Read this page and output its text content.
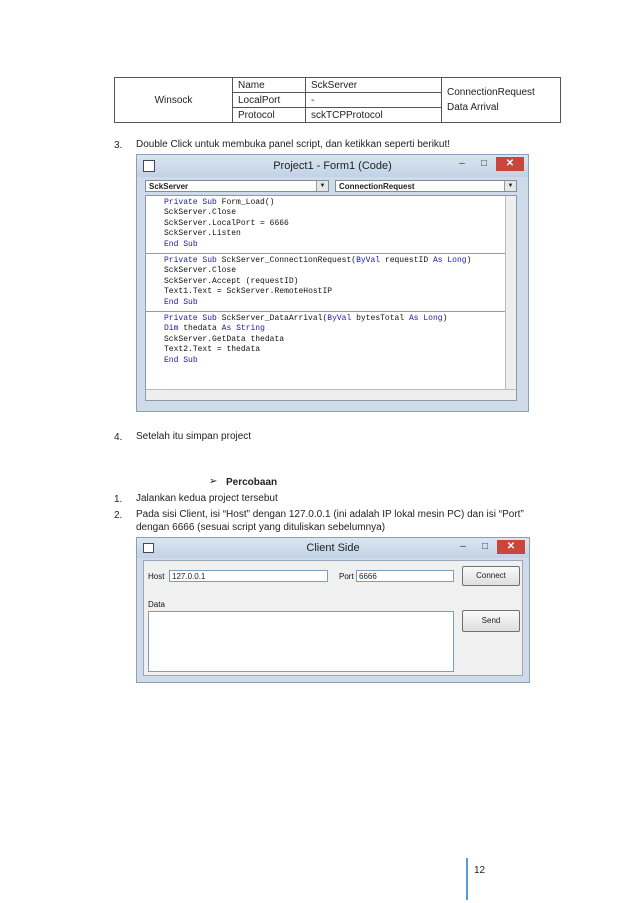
Winsock	Name	SckServer	ConnectionRequest
Data Arrival

	LocalPort	-	
	Protocol	sckTCPProtocol	
3. Double Click untuk membuka panel script, dan ketikkan seperti berikut!
Project1 - Form1 (Code)	–	□	✕
SckServer	▼	ConnectionRequest	▼
Private Sub Form_Load()
SckServer.Close
SckServer.LocalPort = 6666
SckServer.Listen
End Sub
Private Sub SckServer_ConnectionRequest(ByVal requestID As Long)
SckServer.Close
SckServer.Accept (requestID)
Text1.Text = SckServer.RemoteHostIP
End Sub
Private Sub SckServer_DataArrival(ByVal bytesTotal As Long)
Dim thedata As String
SckServer.GetData thedata
Text2.Text = thedata
End Sub
4. Setelah itu simpan project
➢ Percobaan
1. Jalankan kedua project tersebut
2. Pada sisi Client, isi “Host” dengan 127.0.0.1 (ini adalah IP lokal mesin PC) dan isi “Port”
dengan 6666 (sesuai script yang dituliskan sebelumnya)
Client Side	–	□	✕
Host 127.0.0.1	Port 6666	Connect
Data
Send
12
